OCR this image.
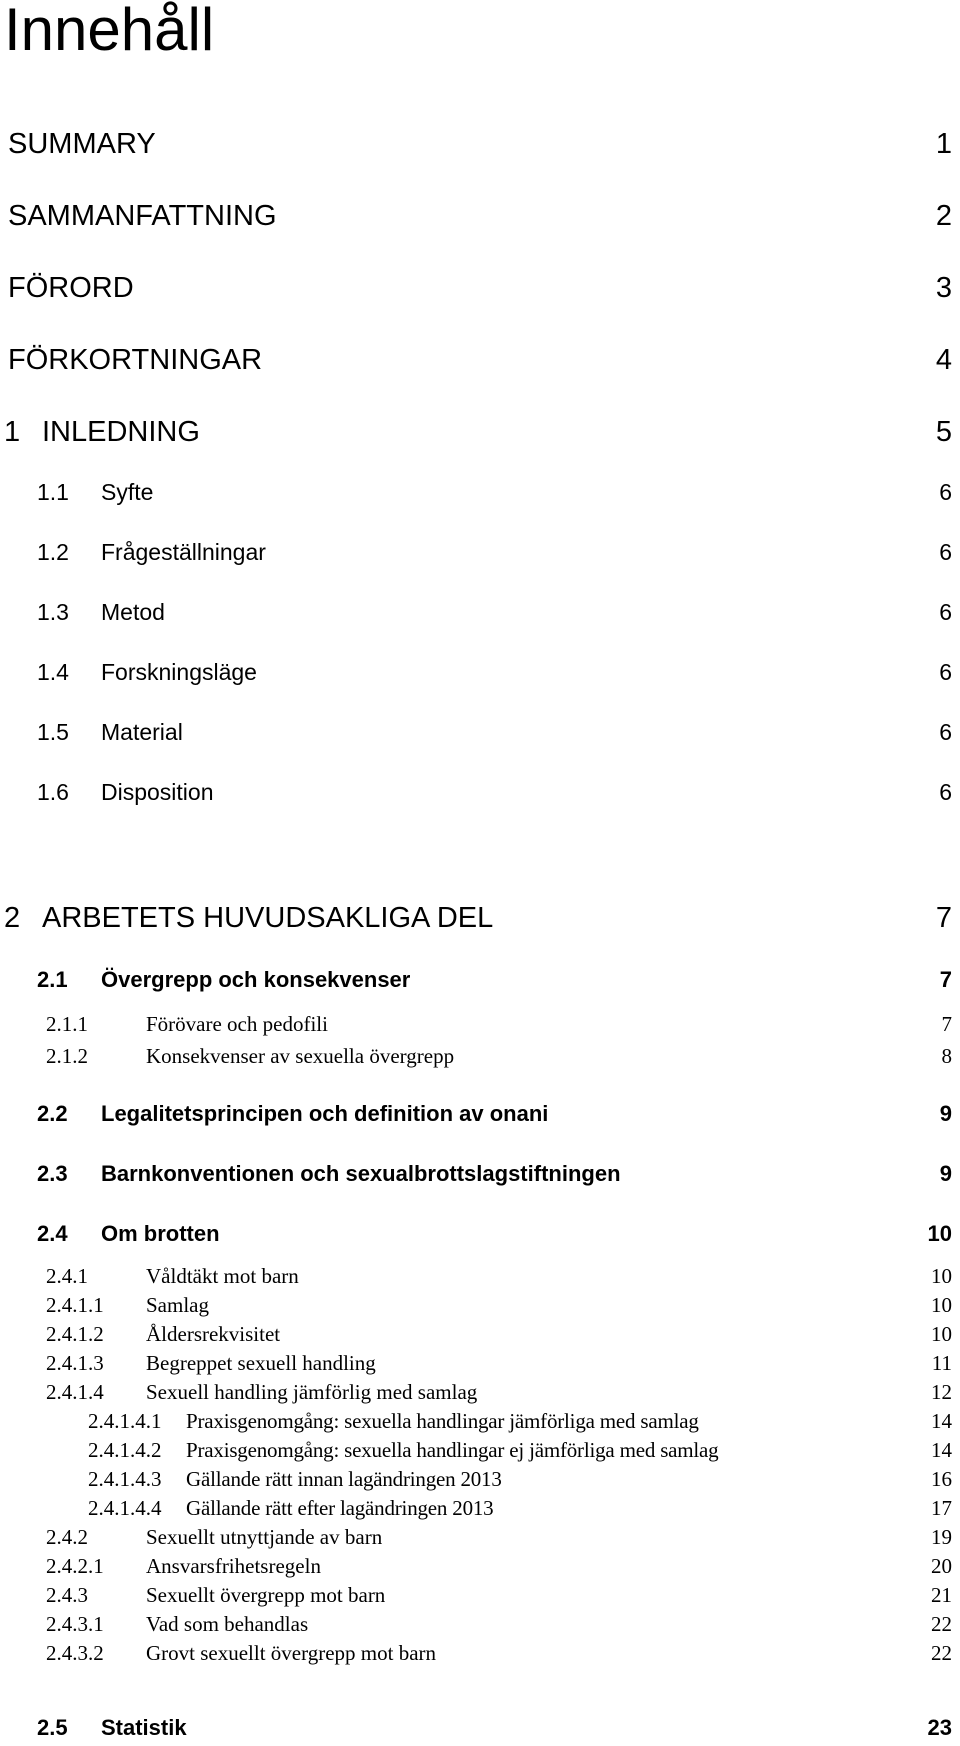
Innehåll
SUMMARY	1
SAMMANFATTNING	2
FÖRORD	3
FÖRKORTNINGAR	4
1 INLEDNING	5
1.1	Syfte	6
1.2	Frågeställningar	6
1.3	Metod	6
1.4	Forskningsläge	6
1.5	Material	6
1.6	Disposition	6
2 ARBETETS HUVUDSAKLIGA DEL	7
2.1	Övergrepp och konsekvenser	7
2.1.1	Förövare och pedofili	7
2.1.2	Konsekvenser av sexuella övergrepp	8
2.2	Legalitetsprincipen och definition av onani	9
2.3	Barnkonventionen och sexualbrottslagstiftningen	9
2.4	Om brotten	10
2.4.1	Våldtäkt mot barn	10
2.4.1.1	Samlag	10
2.4.1.2	Åldersrekvisitet	10
2.4.1.3	Begreppet sexuell handling	11
2.4.1.4	Sexuell handling jämförlig med samlag	12
2.4.1.4.1	Praxisgenomgång: sexuella handlingar jämförliga med samlag	14
2.4.1.4.2	Praxisgenomgång: sexuella handlingar ej jämförliga med samlag	14
2.4.1.4.3	Gällande rätt innan lagändringen 2013	16
2.4.1.4.4	Gällande rätt efter lagändringen 2013	17
2.4.2	Sexuellt utnyttjande av barn	19
2.4.2.1	Ansvarsfrihetsregeln	20
2.4.3	Sexuellt övergrepp mot barn	21
2.4.3.1	Vad som behandlas	22
2.4.3.2	Grovt sexuellt övergrepp mot barn	22
2.5	Statistik	23
